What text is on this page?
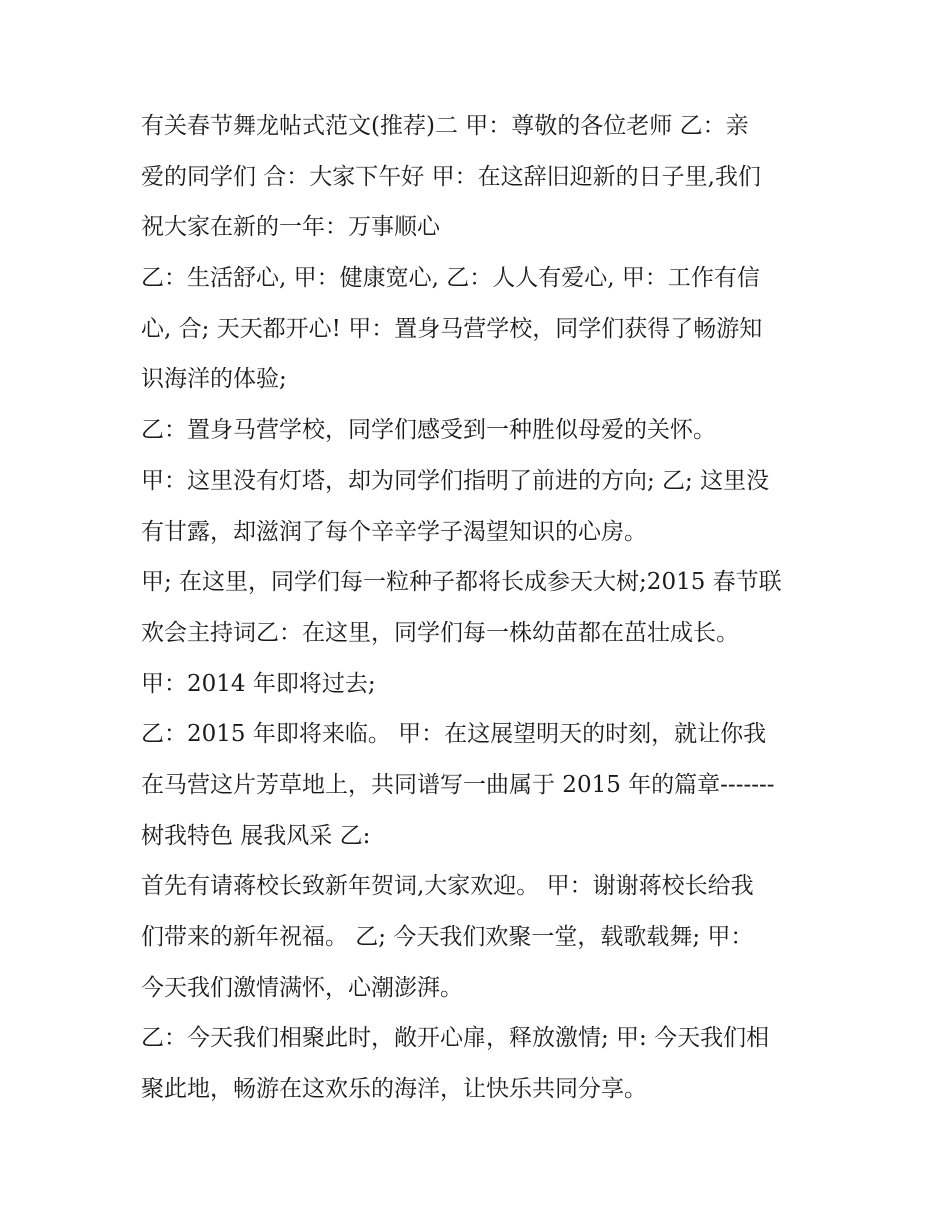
有关春节舞龙帖式范文(推荐)二 甲：尊敬的各位老师 乙：亲

爱的同学们 合：大家下午好 甲：在这辞旧迎新的日子里,我们

祝大家在新的一年：万事顺心

乙：生活舒心, 甲：健康宽心, 乙：人人有爱心, 甲：工作有信

心, 合; 天天都开心! 甲：置身马营学校，同学们获得了畅游知

识海洋的体验;

乙：置身马营学校，同学们感受到一种胜似母爱的关怀。

甲：这里没有灯塔，却为同学们指明了前进的方向; 乙; 这里没

有甘露，却滋润了每个辛辛学子渴望知识的心房。

甲; 在这里，同学们每一粒种子都将长成参天大树;2015 春节联

欢会主持词乙：在这里，同学们每一株幼苗都在茁壮成长。

甲：2014 年即将过去;

乙：2015 年即将来临。 甲：在这展望明天的时刻，就让你我

在马营这片芳草地上，共同谱写一曲属于 2015 年的篇章-------

树我特色 展我风采 乙:

首先有请蒋校长致新年贺词,大家欢迎。 甲：谢谢蒋校长给我

们带来的新年祝福。 乙; 今天我们欢聚一堂，载歌载舞; 甲：

今天我们激情满怀，心潮澎湃。

乙：今天我们相聚此时，敞开心扉，释放激情; 甲: 今天我们相

聚此地，畅游在这欢乐的海洋，让快乐共同分享。
